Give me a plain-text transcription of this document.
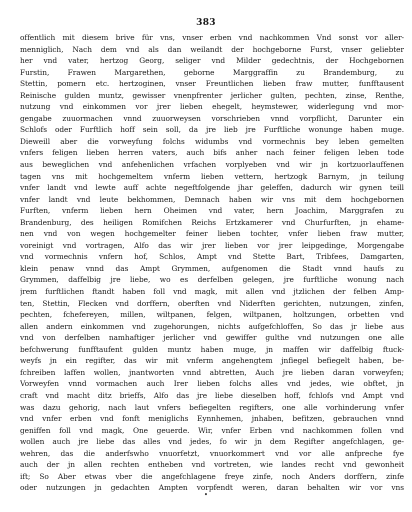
383
offentlich mit diesem brive für vns, vnser erben vnd nachkommen Vnd sonst vor aller-
menniglich, Nach dem vnd als dan weilandt der hochgeborne Furst, vnser geliebter
her vnd vater, hertzog Georg, seliger vnd Milder gedechtnis, der Hochgebornen
Furstin, Frawen Margarethen, geborne Marggraffin zu Brandemburg, zu
Stettin, pomern etc. hertzoginen, vnser Freuntlichen lieben fraw mutter, funfftausent
Reinische gulden muntz, gewisser vnenpfrenter jerlicher gulten, pechten, zinse, Renthe,
nutzung vnd einkommen vor jrer lieben ehegelt, heymstewer, widerlegung vnd mor-
gengabe zuuormachen vnnd zuuorweysen vorschrieben vnnd vorpflicht, Darunter ein
Schlofs oder Furftlich hoff sein soll, da jre lieb jre Furftliche wonunge haben muge.
Dieweill aber die vorweyfung folchs widumbs vnd vormechnis bey leben gemelten
vnfers feligen lieben herren vaters, auch bifs anher nach feiner feligen leben tode
aus beweglichen vnd anfehenlichen vrfachen vorplyeben vnd wir jn kortzuorlauffenen
tagen vns mit hochgemeltem vnferm lieben vettern, hertzogk Barnym, jn teilung
vnfer landt vnd lewte auff achte negeftfolgende jhar geleffen, dadurch wir gynen teill
vnfer landt vnd leute bekhommen, Demnach haben wir vns mit dem hochgebornen
Furften, vnferm lieben hern Oheimen vnd vater, hern Joachim, Marggrafen zu
Brandenburg, des heiligen Romifchen Reichs Ertzkamerer vnd Churfurften, jn ehame-
nen vnd von wegen hochgemelter feiner lieben tochter, vnfer lieben fraw mutter,
voreinigt vnd vortragen, Alfo das wir jrer lieben vor jrer leipgedinge, Morgengabe
vnd vormechnis vnfern hof, Schlos, Ampt vnd Stette Bart, Tribfees, Damgarten,
klein penaw vnnd das Ampt Grymmen, aufgenomen die Stadt vnnd haufs zu
Grymmen, daffelbig jre liebe, wo es derfelben gelegen, jre furftliche wonung nach
jrem furftlichen ftandt haben foll vnd magk, mit allen vnd jtzlichen der felben Amp-
ten, Stettin, Flecken vnd dorffern, oberften vnd Niderften gerichten, nutzungen, zinfen,
pechten, fchefereyen, millen, wiltpanen, felgen, wiltpanen, holtzungen, orbetten vnd
allen andern einkommen vnd zugehorungen, nichts aufgefchloffen, So das jr liebe aus
vnd von derfelben namhaftiger jerlicher vnd gewiffer gulthe vnd nutzungen one alle
befchwerung funfftaufent gulden muntz haben muge, jn maffen wir daffelbig ftuck-
weyfs jn ein regifter, das wir mit vnferm angehengtem jnfiegel befiegelt haben, be-
fchreiben laffen wollen, jnantworten vnnd abtretten, Auch jre lieben daran vorweyfen;
Vorweyfen vnnd vormachen auch Irer lieben folchs alles vnd jedes, wie obftet, jn
craft vnd macht ditz brieffs, Alfo das jre liebe dieselben hoff, fchlofs vnd Ampt vnd
was dazu gehorig, nach laut vnfers befiegelten regifters, one alle vorhinderung vnfer
vnd vnfer erben vnd fonft meniglichs Eynnhemen, jnhaben, befitzen, gebrauchen vnnd
geniffen foll vnd magk, One geuerde. Wir, vnfer Erben vnd nachkommen follen vnd
wollen auch jre liebe das alles vnd jedes, fo wir jn dem Regifter angefchlagen, ge-
wehren, das die anderfswho vnuorfetzt, vnuorkommert vnd vor alle anfpreche fye
auch der jn allen rechten entheben vnd vortreten, wie landes recht vnd gewonheit
ift; So Aber etwas vber die angefchlagene freye zinfe, noch Anders dorffern, zinfe
oder nutzungen jn gedachten Ampten vorpfendt weren, daran behalten wir vor vns
•
